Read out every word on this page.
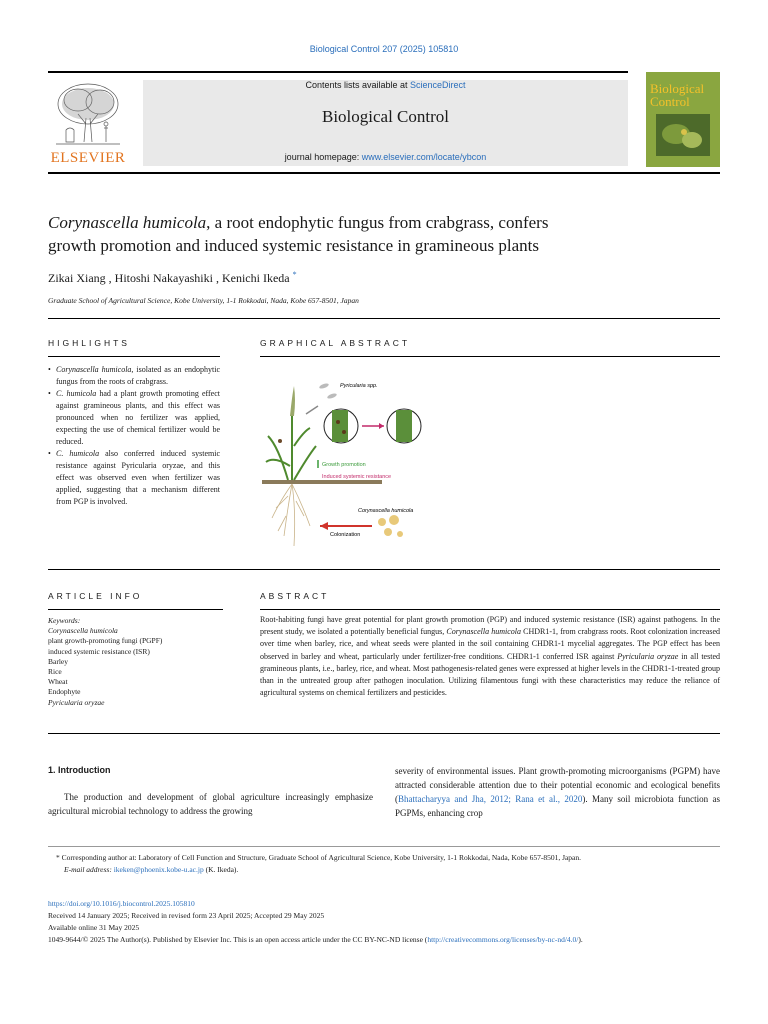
Biological Control 207 (2025) 105810
Contents lists available at ScienceDirect
Biological Control
journal homepage: www.elsevier.com/locate/ybcon
ELSEVIER
Biological
Control
Corynascella humicola, a root endophytic fungus from crabgrass, confers
growth promotion and induced systemic resistance in gramineous plants
Zikai Xiang , Hitoshi Nakayashiki , Kenichi Ikeda *
Graduate School of Agricultural Science, Kobe University, 1-1 Rokkodai, Nada, Kobe 657-8501, Japan
HIGHLIGHTS
• Corynascella humicola, isolated as an endophytic fungus from the roots of crabgrass.
• C. humicola had a plant growth promoting effect against gramineous plants, and this effect was pronounced when no fertilizer was applied, expecting the use of chemical fertilizer would be reduced.
• C. humicola also conferred induced systemic resistance against Pyricularia oryzae, and this effect was observed even when fertilizer was applied, suggesting that a mechanism different from PGP is involved.
GRAPHICAL ABSTRACT
Pyricularia spp.
Growth promotion
Induced systemic resistance
Corynascella humicola
Colonization
ARTICLE INFO
Keywords:
Corynascella humicola
plant growth-promoting fungi (PGPF)
induced systemic resistance (ISR)
Barley
Rice
Wheat
Endophyte
Pyricularia oryzae
ABSTRACT
Root-habiting fungi have great potential for plant growth promotion (PGP) and induced systemic resistance (ISR) against pathogens. In the present study, we isolated a potentially beneficial fungus, Corynascella humicola CHDR1-1, from crabgrass roots. Root colonization increased over time when barley, rice, and wheat seeds were planted in the soil containing CHDR1-1 mycelial aggregates. The PGP effect has been observed in barley and wheat, particularly under fertilizer-free conditions. CHDR1-1 conferred ISR against Pyricularia oryzae in all tested gramineous plants, i.e., barley, rice, and wheat. Most pathogenesis-related genes were expressed at higher levels in the CHDR1-1-treated group than in the untreated group after pathogen inoculation. Utilizing filamentous fungi with these characteristics may reduce the reliance of agricultural systems on chemical fertilizers and pesticides.
1. Introduction
The production and development of global agriculture increasingly emphasize agricultural microbial technology to address the growing
severity of environmental issues. Plant growth-promoting microorganisms (PGPM) have attracted considerable attention due to their potential economic and ecological benefits (Bhattacharyya and Jha, 2012; Rana et al., 2020). Many soil microbiota function as PGPMs, enhancing crop
* Corresponding author at: Laboratory of Cell Function and Structure, Graduate School of Agricultural Science, Kobe University, 1-1 Rokkodai, Nada, Kobe 657-8501, Japan.
E-mail address: ikeken@phoenix.kobe-u.ac.jp (K. Ikeda).
https://doi.org/10.1016/j.biocontrol.2025.105810
Received 14 January 2025; Received in revised form 23 April 2025; Accepted 29 May 2025
Available online 31 May 2025
1049-9644/© 2025 The Author(s). Published by Elsevier Inc. This is an open access article under the CC BY-NC-ND license (http://creativecommons.org/licenses/by-nc-nd/4.0/).
